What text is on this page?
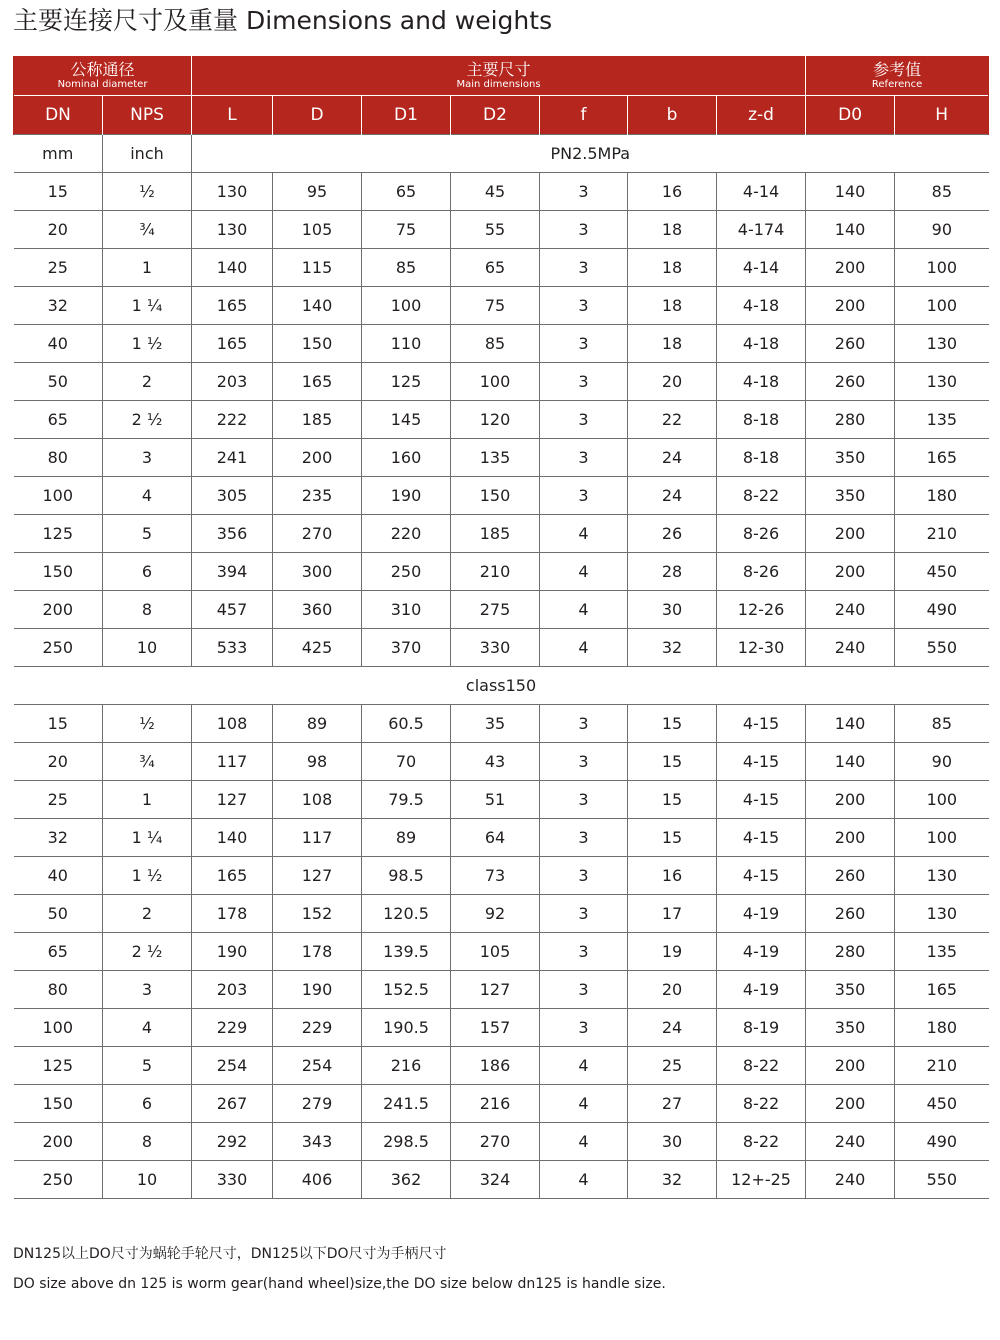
主要连接尺寸及重量 Dimensions and weights
公称通径
Nominal diameter		主要尺寸
Main dimensions							参考值
Reference	

DN	NPS	L	D	D1	D2	f	b	z-d	D0	H
mm	inch	PN2.5MPa								
15	½	130	95	65	45	3	16	4-14	140	85
20	¾	130	105	75	55	3	18	4-174	140	90
25	1	140	115	85	65	3	18	4-14	200	100
32	1 ¼	165	140	100	75	3	18	4-18	200	100
40	1 ½	165	150	110	85	3	18	4-18	260	130
50	2	203	165	125	100	3	20	4-18	260	130
65	2 ½	222	185	145	120	3	22	8-18	280	135
80	3	241	200	160	135	3	24	8-18	350	165
100	4	305	235	190	150	3	24	8-22	350	180
125	5	356	270	220	185	4	26	8-26	200	210
150	6	394	300	250	210	4	28	8-26	200	450
200	8	457	360	310	275	4	30	12-26	240	490
250	10	533	425	370	330	4	32	12-30	240	550
class150										
15	½	108	89	60.5	35	3	15	4-15	140	85
20	¾	117	98	70	43	3	15	4-15	140	90
25	1	127	108	79.5	51	3	15	4-15	200	100
32	1 ¼	140	117	89	64	3	15	4-15	200	100
40	1 ½	165	127	98.5	73	3	16	4-15	260	130
50	2	178	152	120.5	92	3	17	4-19	260	130
65	2 ½	190	178	139.5	105	3	19	4-19	280	135
80	3	203	190	152.5	127	3	20	4-19	350	165
100	4	229	229	190.5	157	3	24	8-19	350	180
125	5	254	254	216	186	4	25	8-22	200	210
150	6	267	279	241.5	216	4	27	8-22	200	450
200	8	292	343	298.5	270	4	30	8-22	240	490
250	10	330	406	362	324	4	32	12+-25	240	550
DN125以上DO尺寸为蜗轮手轮尺寸，DN125以下DO尺寸为手柄尺寸
DO size above dn 125 is worm gear(hand wheel)size,the DO size below dn125 is handle size.
